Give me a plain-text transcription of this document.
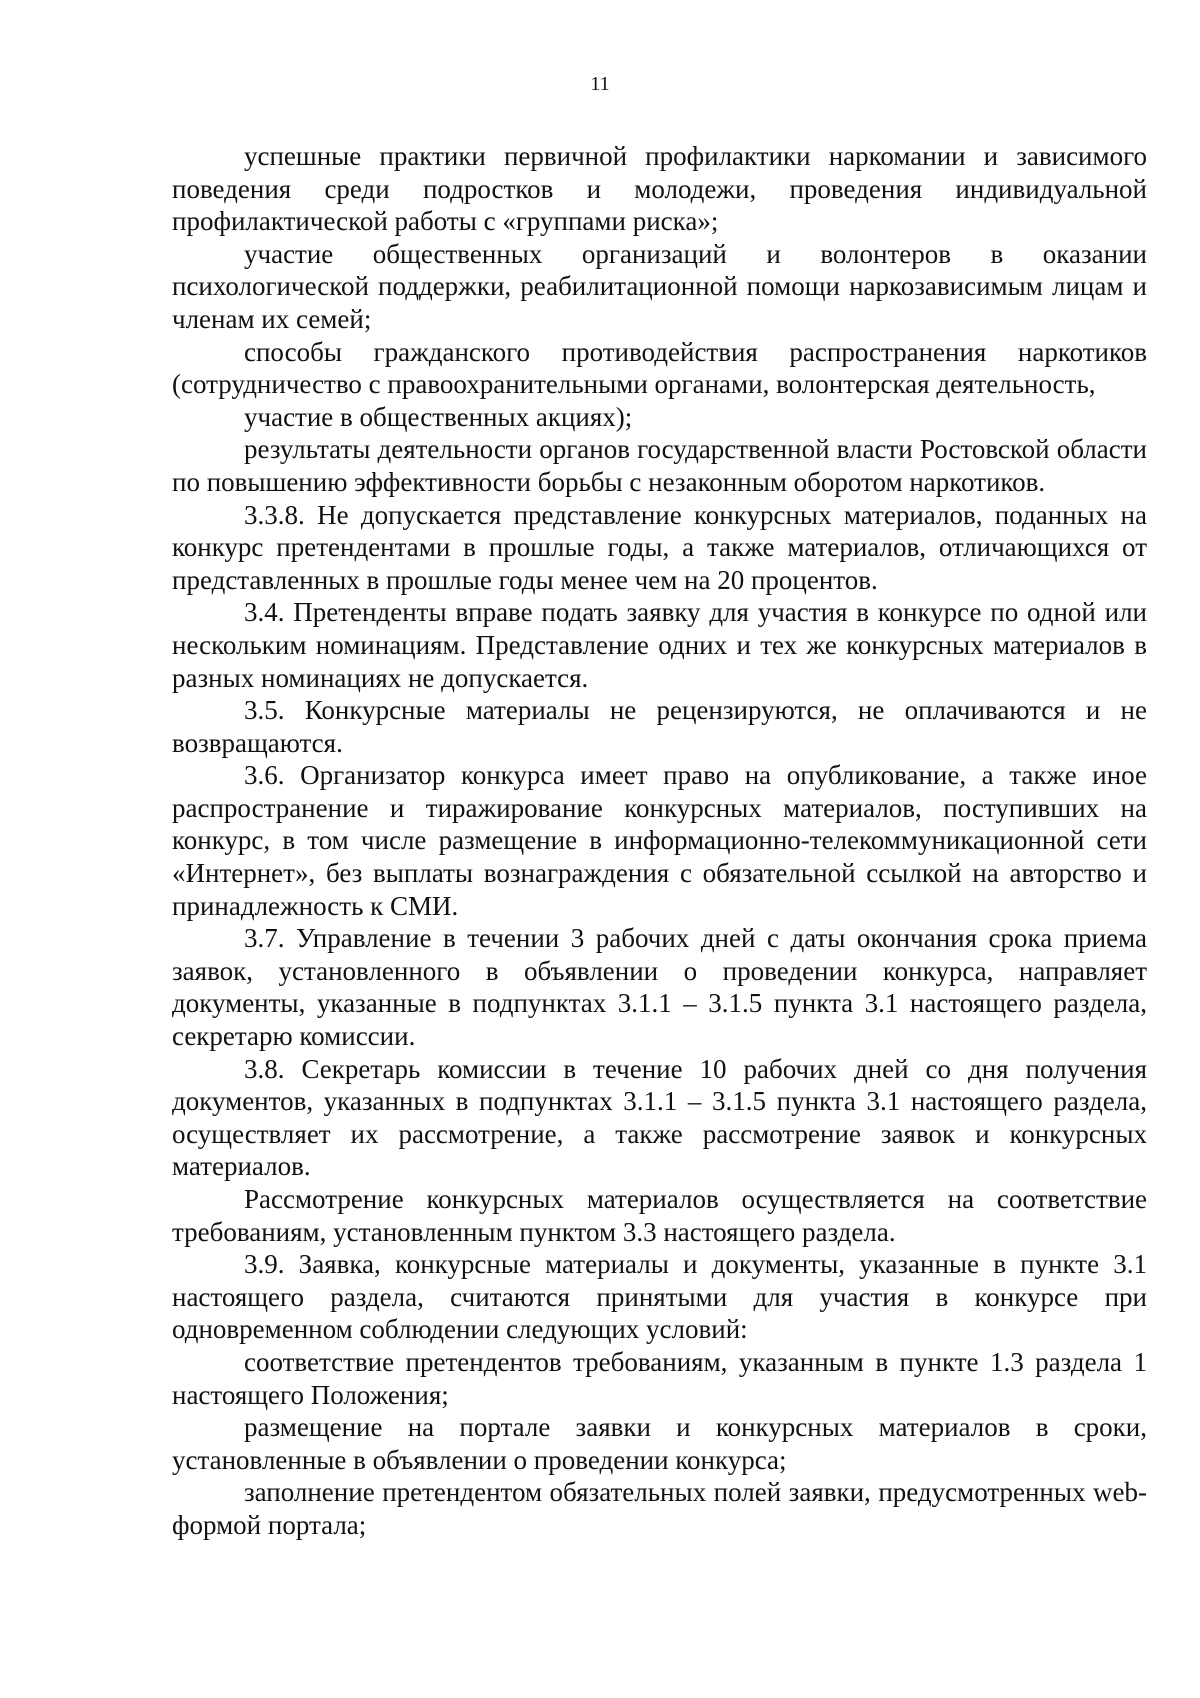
11

успешные практики первичной профилактики наркомании и зависимого поведения среди подростков и молодежи, проведения индивидуальной профилактической работы с «группами риска»;

участие общественных организаций и волонтеров в оказании психологической поддержки, реабилитационной помощи наркозависимым лицам и членам их семей;

способы гражданского противодействия распространения наркотиков (сотрудничество с правоохранительными органами, волонтерская деятельность,

участие в общественных акциях);

результаты деятельности органов государственной власти Ростовской области по повышению эффективности борьбы с незаконным оборотом наркотиков.

3.3.8. Не допускается представление конкурсных материалов, поданных на конкурс претендентами в прошлые годы, а также материалов, отличающихся от представленных в прошлые годы менее чем на 20 процентов.

3.4. Претенденты вправе подать заявку для участия в конкурсе по одной или нескольким номинациям. Представление одних и тех же конкурсных материалов в разных номинациях не допускается.

3.5. Конкурсные материалы не рецензируются, не оплачиваются и не возвращаются.

3.6. Организатор конкурса имеет право на опубликование, а также иное распространение и тиражирование конкурсных материалов, поступивших на конкурс, в том числе размещение в информационно-телекоммуникационной сети «Интернет», без выплаты вознаграждения с обязательной ссылкой на авторство и принадлежность к СМИ.

3.7. Управление в течении 3 рабочих дней с даты окончания срока приема заявок, установленного в объявлении о проведении конкурса, направляет документы, указанные в подпунктах 3.1.1 – 3.1.5 пункта 3.1 настоящего раздела, секретарю комиссии.

3.8. Секретарь комиссии в течение 10 рабочих дней со дня получения документов, указанных в подпунктах 3.1.1 – 3.1.5 пункта 3.1 настоящего раздела, осуществляет их рассмотрение, а также рассмотрение заявок и конкурсных материалов.

Рассмотрение конкурсных материалов осуществляется на соответствие требованиям, установленным пунктом 3.3 настоящего раздела.

3.9. Заявка, конкурсные материалы и документы, указанные в пункте 3.1 настоящего раздела, считаются принятыми для участия в конкурсе при одновременном соблюдении следующих условий:

соответствие претендентов требованиям, указанным в пункте 1.3 раздела 1 настоящего Положения;

размещение на портале заявки и конкурсных материалов в сроки, установленные в объявлении о проведении конкурса;

заполнение претендентом обязательных полей заявки, предусмотренных web-формой портала;
